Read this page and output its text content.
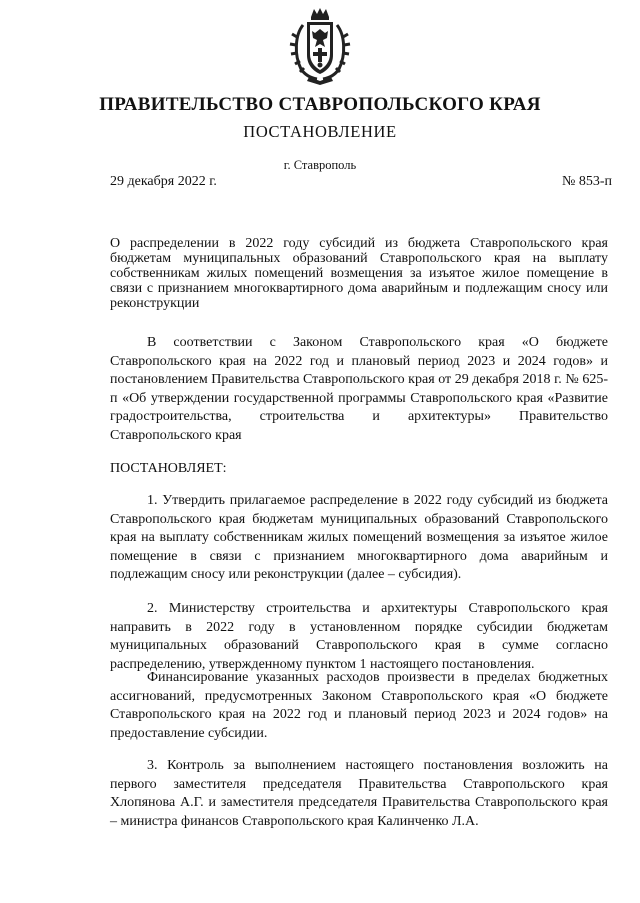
ПРАВИТЕЛЬСТВО СТАВРОПОЛЬСКОГО КРАЯ
ПОСТАНОВЛЕНИЕ
г. Ставрополь
29 декабря 2022 г.	№ 853-п
О распределении в 2022 году субсидий из бюджета Ставропольского края бюджетам муниципальных образований Ставропольского края на выплату собственникам жилых помещений возмещения за изъятое жилое помещение в связи с признанием многоквартирного дома аварийным и подлежащим сносу или реконструкции
В соответствии с Законом Ставропольского края «О бюджете Ставропольского края на 2022 год и плановый период 2023 и 2024 годов» и постановлением Правительства Ставропольского края от 29 декабря 2018 г. № 625-п «Об утверждении государственной программы Ставропольского края «Развитие градостроительства, строительства и архитектуры» Правительство Ставропольского края
ПОСТАНОВЛЯЕТ:
1. Утвердить прилагаемое распределение в 2022 году субсидий из бюджета Ставропольского края бюджетам муниципальных образований Ставропольского края на выплату собственникам жилых помещений возмещения за изъятое жилое помещение в связи с признанием многоквартирного дома аварийным и подлежащим сносу или реконструкции (далее – субсидия).
2. Министерству строительства и архитектуры Ставропольского края направить в 2022 году в установленном порядке субсидии бюджетам муниципальных образований Ставропольского края в сумме согласно распределению, утвержденному пунктом 1 настоящего постановления.
Финансирование указанных расходов произвести в пределах бюджетных ассигнований, предусмотренных Законом Ставропольского края «О бюджете Ставропольского края на 2022 год и плановый период 2023 и 2024 годов» на предоставление субсидии.
3. Контроль за выполнением настоящего постановления возложить на первого заместителя председателя Правительства Ставропольского края Хлопянова А.Г. и заместителя председателя Правительства Ставропольского края – министра финансов Ставропольского края Калинченко Л.А.
